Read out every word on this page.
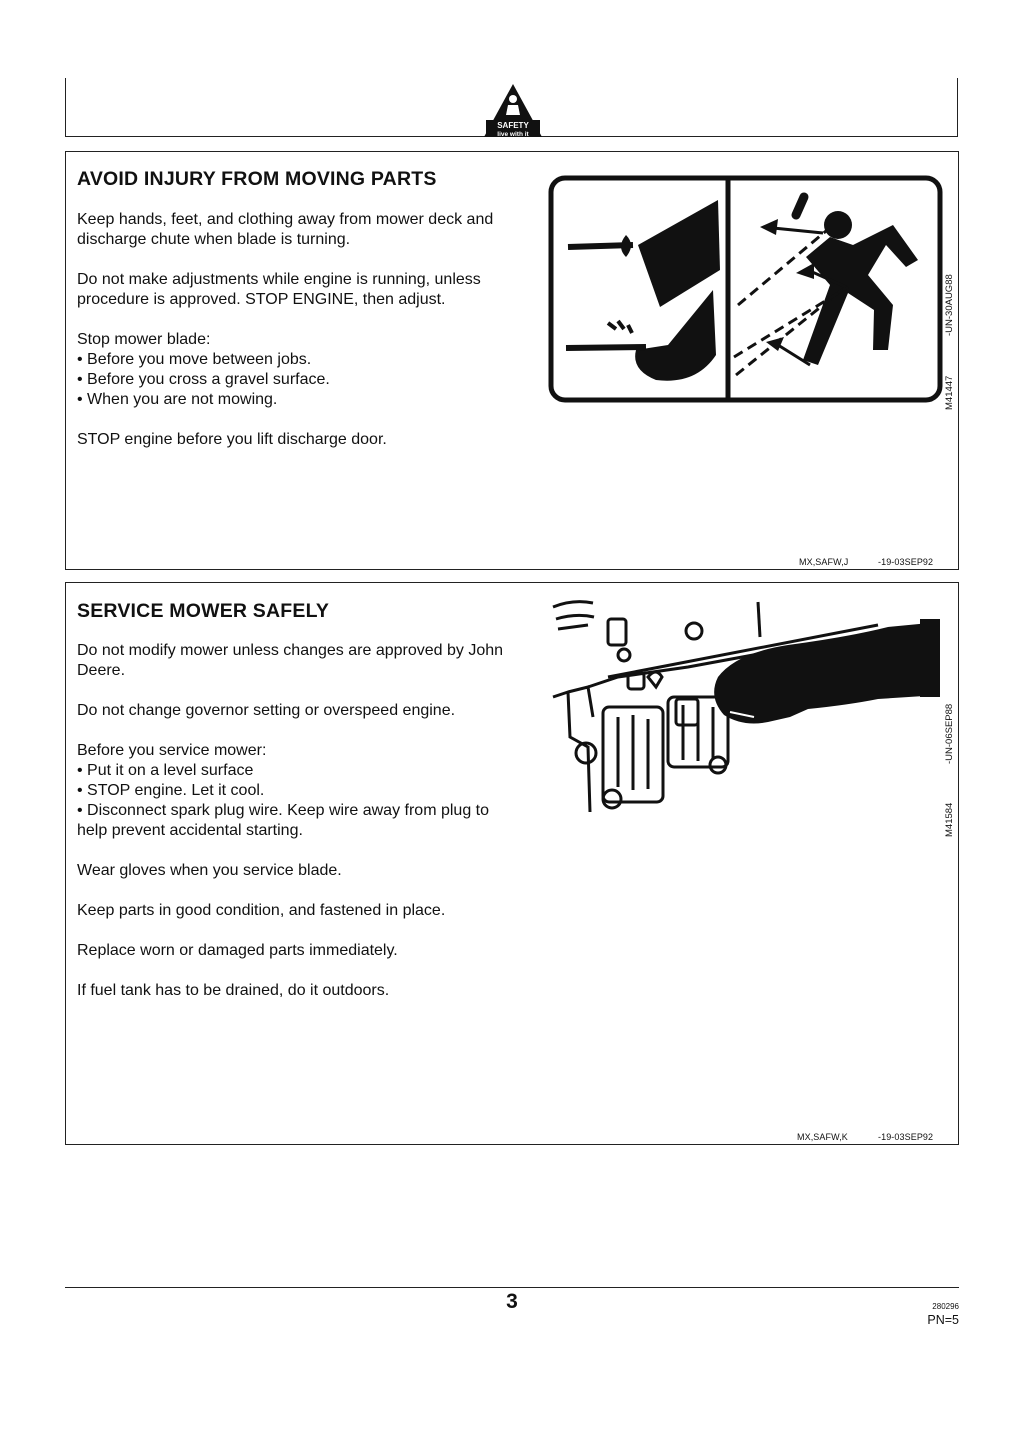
SAFETY
live with it
AVOID INJURY FROM MOVING PARTS

Keep hands, feet, and clothing away from mower deck and discharge chute when blade is turning.

Do not make adjustments while engine is running, unless procedure is approved. STOP ENGINE, then adjust.

Stop mower blade:
• Before you move between jobs.
• Before you cross a gravel surface.

• When you are not mowing.

STOP engine before you lift discharge door.

M41447
-UN-30AUG88
MX,SAFW,J	-19-03SEP92
SERVICE MOWER SAFELY

Do not modify mower unless changes are approved by John Deere.

Do not change governor setting or overspeed engine.

Before you service mower:
• Put it on a level surface
• STOP engine. Let it cool.

• Disconnect spark plug wire. Keep wire away from plug to help prevent accidental starting.

Wear gloves when you service blade.

Keep parts in good condition, and fastened in place.

Replace worn or damaged parts immediately.

If fuel tank has to be drained, do it outdoors.

M41584
-UN-06SEP88
MX,SAFW,K	-19-03SEP92
3	280296
PN=5
